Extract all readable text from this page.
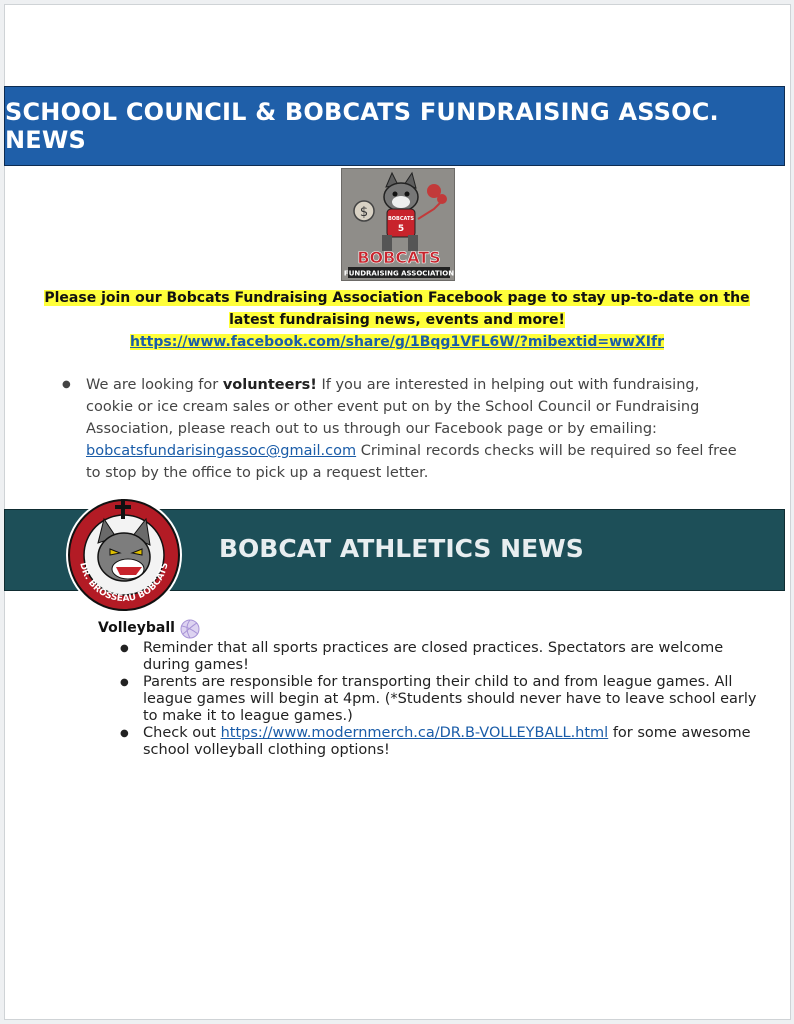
SCHOOL COUNCIL & BOBCATS FUNDRAISING ASSOC. NEWS
$	BOBCATS
5
BOBCATS
FUNDRAISING ASSOCIATION
Please join our Bobcats Fundraising Association Facebook page to stay up-to-date on the latest fundraising news, events and more!
https://www.facebook.com/share/g/1Bqg1VFL6W/?mibextid=wwXIfr
● We are looking for volunteers! If you are interested in helping out with fundraising, cookie or ice cream sales or other event put on by the School Council or Fundraising Association, please reach out to us through our Facebook page or by emailing: bobcatsfundarisingassoc@gmail.com Criminal records checks will be required so feel free to stop by the office to pick up a request letter.

BOBCAT ATHLETICS NEWS
DR. BROSSEAU BOBCATS
Volleyball
● Reminder that all sports practices are closed practices. Spectators are welcome during games!
● Parents are responsible for transporting their child to and from league games. All league games will begin at 4pm. (*Students should never have to leave school early to make it to league games.)
● Check out https://www.modernmerch.ca/DR.B-VOLLEYBALL.html for some awesome school volleyball clothing options!
